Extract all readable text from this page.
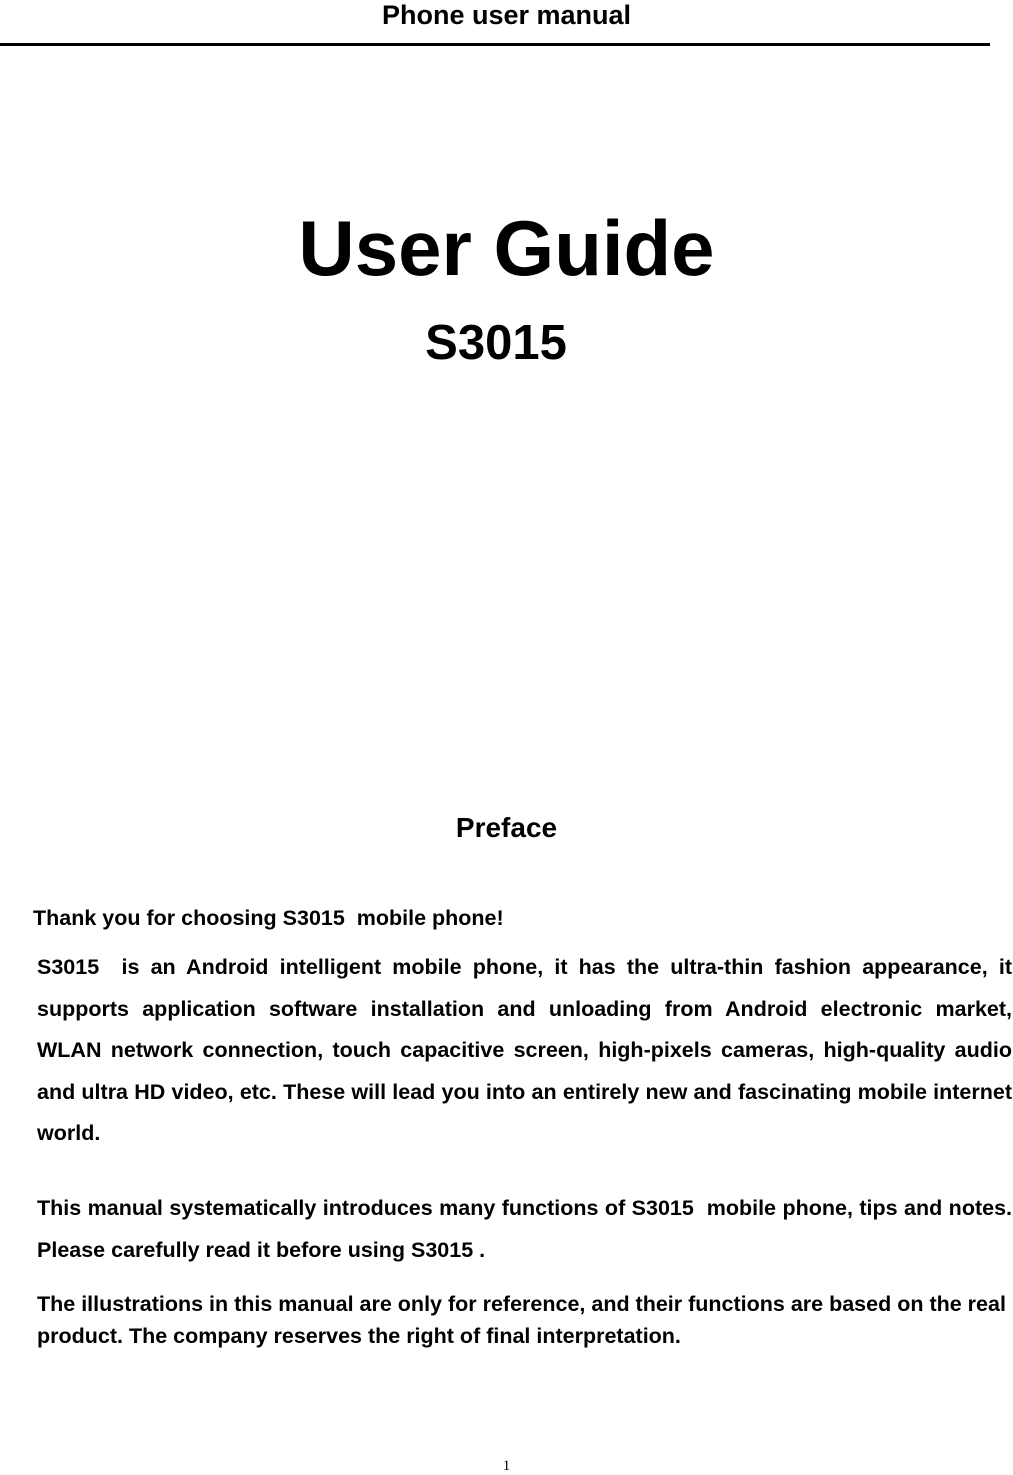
Phone user manual
User Guide
S3015
Preface
Thank you for choosing S3015  mobile phone!
S3015  is an Android intelligent mobile phone, it has the ultra-thin fashion appearance, it supports application software installation and unloading from Android electronic market, WLAN network connection, touch capacitive screen, high-pixels cameras, high-quality audio and ultra HD video, etc. These will lead you into an entirely new and fascinating mobile internet world.
This manual systematically introduces many functions of S3015  mobile phone, tips and notes. Please carefully read it before using S3015 .
The illustrations in this manual are only for reference, and their functions are based on the real product. The company reserves the right of final interpretation.
1
